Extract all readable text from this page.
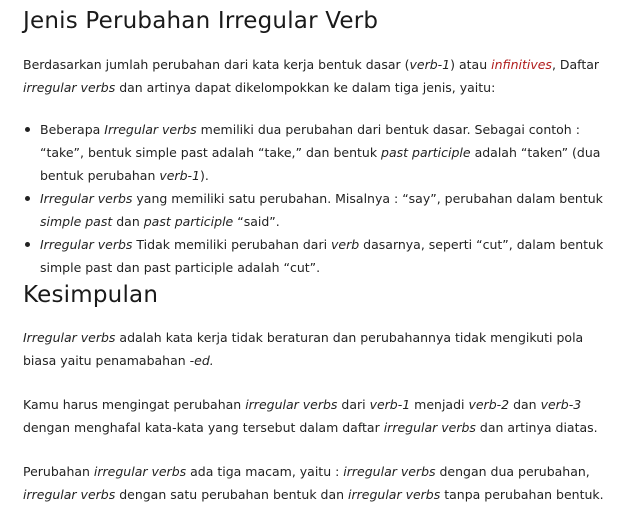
Jenis Perubahan Irregular Verb

Berdasarkan jumlah perubahan dari kata kerja bentuk dasar (verb-1) atau infinitives, Daftar irregular verbs dan artinya dapat dikelompokkan ke dalam tiga jenis, yaitu:

Beberapa Irregular verbs memiliki dua perubahan dari bentuk dasar. Sebagai contoh : “take”, bentuk simple past adalah “take,” dan bentuk past participle adalah “taken” (dua bentuk perubahan verb-1).
Irregular verbs yang memiliki satu perubahan. Misalnya : “say”, perubahan dalam bentuk simple past dan past participle “said”.
Irregular verbs Tidak memiliki perubahan dari verb dasarnya, seperti “cut”, dalam bentuk simple past dan past participle adalah “cut”.
Kesimpulan

Irregular verbs adalah kata kerja tidak beraturan dan perubahannya tidak mengikuti pola biasa yaitu penamabahan -ed.

Kamu harus mengingat perubahan irregular verbs dari verb-1 menjadi verb-2 dan verb-3 dengan menghafal kata-kata yang tersebut dalam daftar irregular verbs dan artinya diatas.

Perubahan irregular verbs ada tiga macam, yaitu : irregular verbs dengan dua perubahan, irregular verbs dengan satu perubahan bentuk dan irregular verbs tanpa perubahan bentuk.
